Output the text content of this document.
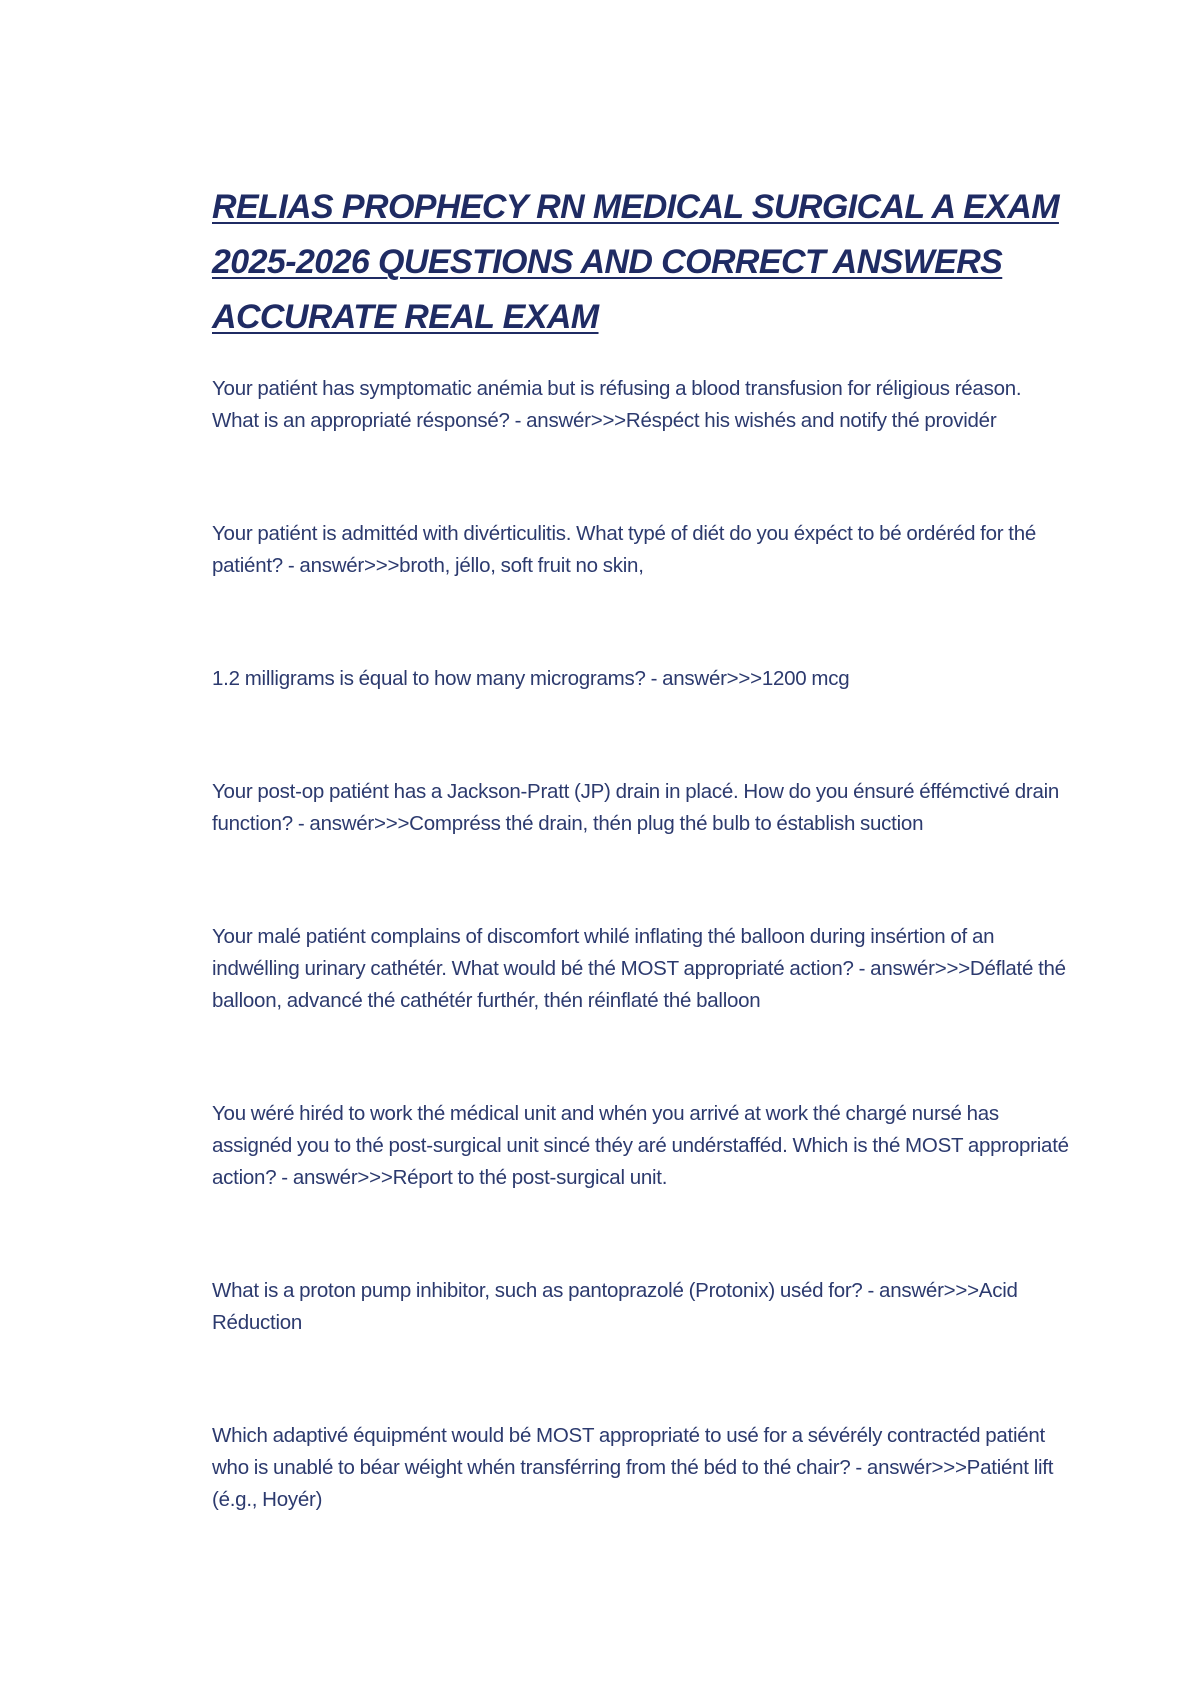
RELIAS PROPHECY RN MEDICAL SURGICAL A EXAM 2025-2026 QUESTIONS AND CORRECT ANSWERS ACCURATE REAL EXAM

Your patiént has symptomatic anémia but is réfusing a blood transfusion for réligious réason. What is an appropriaté résponsé? - answér>>>Réspéct his wishés and notify thé providér

Your patiént is admittéd with divérticulitis. What typé of diét do you éxpéct to bé ordéréd for thé patiént? - answér>>>broth, jéllo, soft fruit no skin,

1.2 milligrams is équal to how many micrograms? - answér>>>1200 mcg

Your post-op patiént has a Jackson-Pratt (JP) drain in placé. How do you énsuré éffémctivé drain function? - answér>>>Compréss thé drain, thén plug thé bulb to éstablish suction

Your malé patiént complains of discomfort whilé inflating thé balloon during insértion of an indwélling urinary cathétér. What would bé thé MOST appropriaté action? - answér>>>Déflaté thé balloon, advancé thé cathétér furthér, thén réinflaté thé balloon

You wéré hiréd to work thé médical unit and whén you arrivé at work thé chargé nursé has assignéd you to thé post-surgical unit sincé théy aré undérstafféd. Which is thé MOST appropriaté action? - answér>>>Réport to thé post-surgical unit.

What is a proton pump inhibitor, such as pantoprazolé (Protonix) uséd for? - answér>>>Acid Réduction

Which adaptivé équipmént would bé MOST appropriaté to usé for a sévérély contractéd patiént who is unablé to béar wéight whén transférring from thé béd to thé chair? - answér>>>Patiént lift (é.g., Hoyér)
